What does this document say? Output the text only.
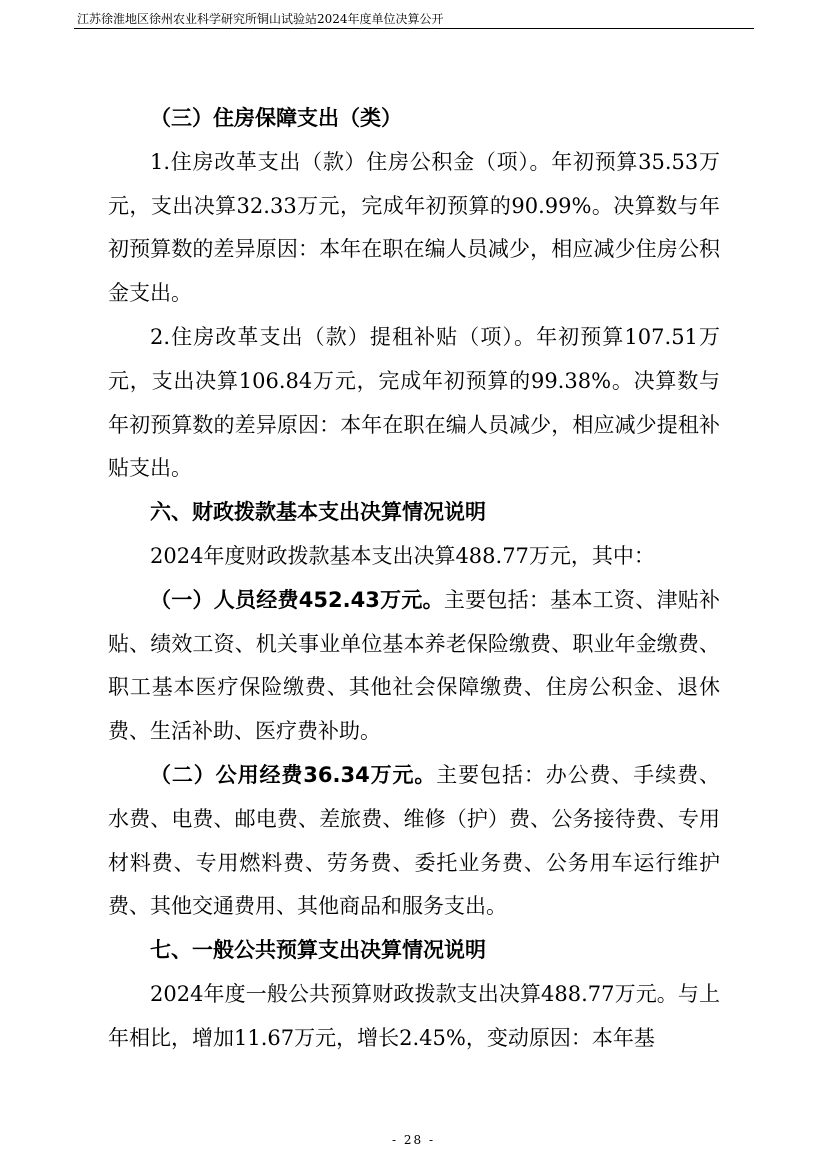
江苏徐淮地区徐州农业科学研究所铜山试验站2024年度单位决算公开

（三）住房保障支出（类）

1.住房改革支出（款）住房公积金（项）。年初预算35.53万元，支出决算32.33万元，完成年初预算的90.99%。决算数与年初预算数的差异原因：本年在职在编人员减少，相应减少住房公积金支出。

2.住房改革支出（款）提租补贴（项）。年初预算107.51万元，支出决算106.84万元，完成年初预算的99.38%。决算数与年初预算数的差异原因：本年在职在编人员减少，相应减少提租补贴支出。

六、财政拨款基本支出决算情况说明

2024年度财政拨款基本支出决算488.77万元，其中：

（一）人员经费452.43万元。主要包括：基本工资、津贴补贴、绩效工资、机关事业单位基本养老保险缴费、职业年金缴费、职工基本医疗保险缴费、其他社会保障缴费、住房公积金、退休费、生活补助、医疗费补助。

（二）公用经费36.34万元。主要包括：办公费、手续费、水费、电费、邮电费、差旅费、维修（护）费、公务接待费、专用材料费、专用燃料费、劳务费、委托业务费、公务用车运行维护费、其他交通费用、其他商品和服务支出。

七、一般公共预算支出决算情况说明

2024年度一般公共预算财政拨款支出决算488.77万元。与上年相比，增加11.67万元，增长2.45%，变动原因：本年基

- 28 -
